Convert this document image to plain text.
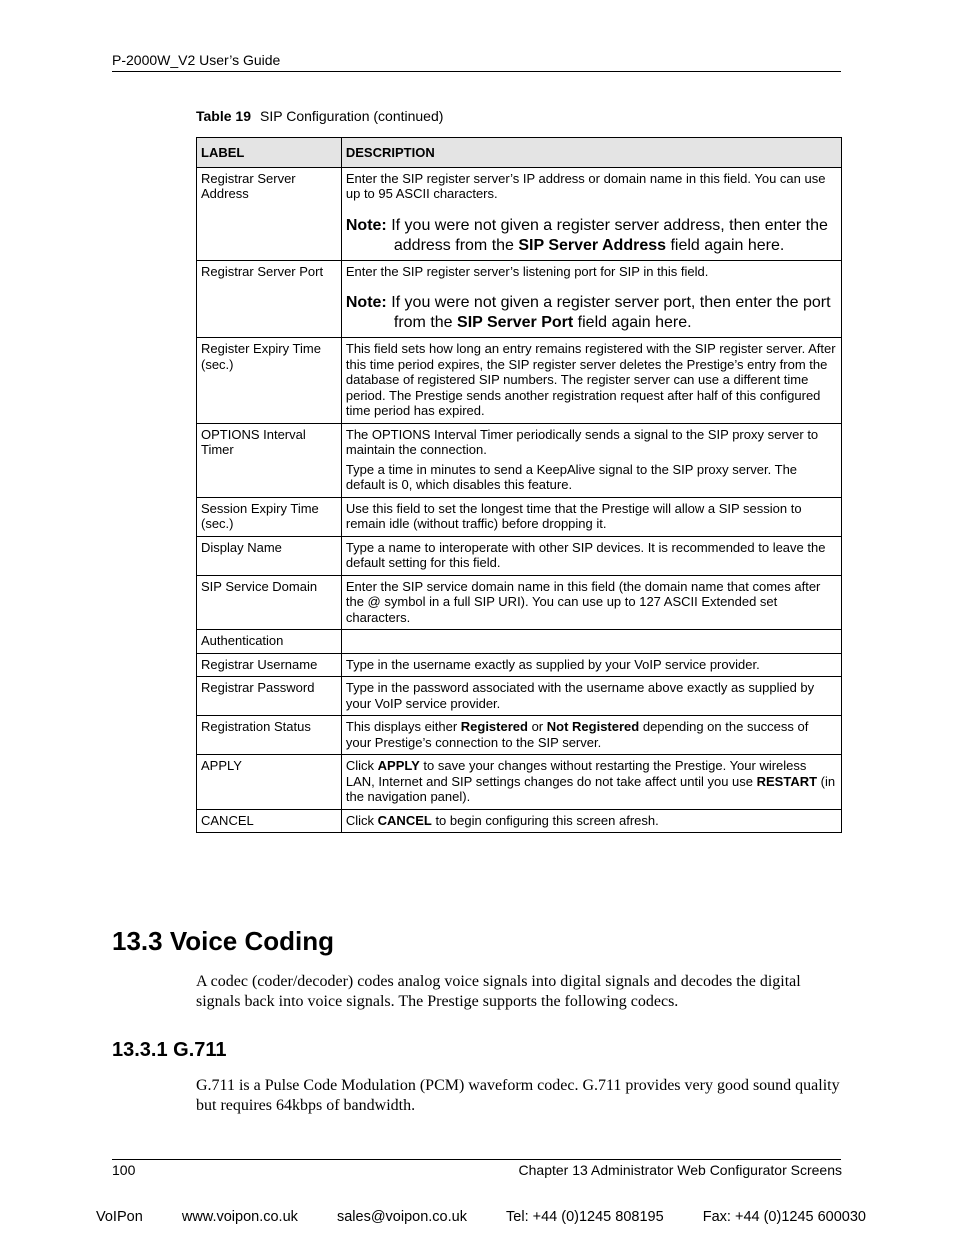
P-2000W_V2 User’s Guide
Table 19 SIP Configuration (continued)
LABEL	DESCRIPTION
Registrar Server Address	Enter the SIP register server’s IP address or domain name in this field. You can use up to 95 ASCII characters.
Note: If you were not given a register server address, then enter the address from the SIP Server Address field again here.

Registrar Server Port	Enter the SIP register server’s listening port for SIP in this field.
Note: If you were not given a register server port, then enter the port from the SIP Server Port field again here.

Register Expiry Time (sec.)	This field sets how long an entry remains registered with the SIP register server. After this time period expires, the SIP register server deletes the Prestige’s entry from the database of registered SIP numbers. The register server can use a different time period. The Prestige sends another registration request after half of this configured time period has expired.
OPTIONS Interval Timer	The OPTIONS Interval Timer periodically sends a signal to the SIP proxy server to maintain the connection.
Type a time in minutes to send a KeepAlive signal to the SIP proxy server. The default is 0, which disables this feature.

Session Expiry Time (sec.)	Use this field to set the longest time that the Prestige will allow a SIP session to remain idle (without traffic) before dropping it.
Display Name	Type a name to interoperate with other SIP devices. It is recommended to leave the default setting for this field.
SIP Service Domain	Enter the SIP service domain name in this field (the domain name that comes after the @ symbol in a full SIP URI). You can use up to 127 ASCII Extended set characters.
Authentication	
Registrar Username	Type in the username exactly as supplied by your VoIP service provider.
Registrar Password	Type in the password associated with the username above exactly as supplied by your VoIP service provider.
Registration Status	This displays either Registered or Not Registered depending on the success of your Prestige’s connection to the SIP server.
APPLY	Click APPLY to save your changes without restarting the Prestige. Your wireless LAN, Internet and SIP settings changes do not take affect until you use RESTART (in the navigation panel).
CANCEL	Click CANCEL to begin configuring this screen afresh.
13.3 Voice Coding

A codec (coder/decoder) codes analog voice signals into digital signals and decodes the digital signals back into voice signals. The Prestige supports the following codecs.

13.3.1 G.711

G.711 is a Pulse Code Modulation (PCM) waveform codec. G.711 provides very good sound quality but requires 64kbps of bandwidth.

100	Chapter 13 Administrator Web Configurator Screens
VoIPon	www.voipon.co.uk	sales@voipon.co.uk	Tel: +44 (0)1245 808195	Fax: +44 (0)1245 600030
